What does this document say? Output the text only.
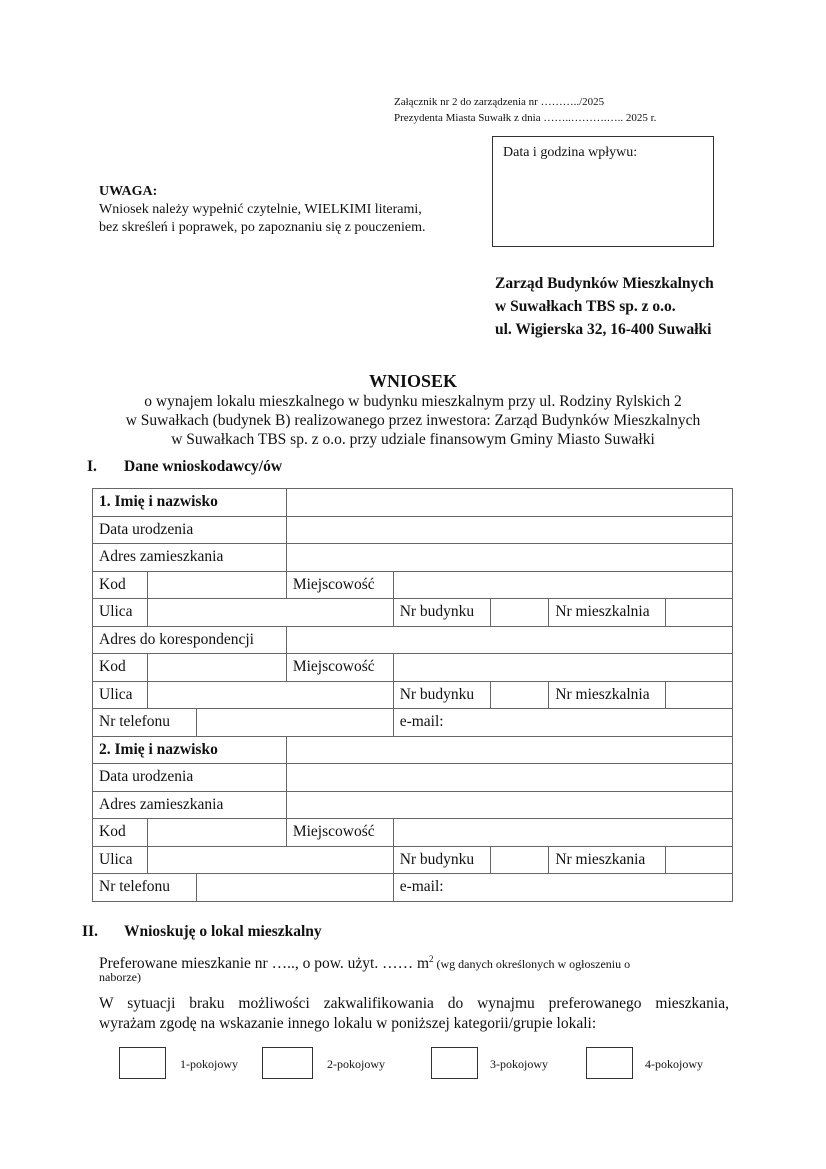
Załącznik nr 2 do zarządzenia nr ………../2025
Prezydenta Miasta Suwałk z dnia ……..……….….. 2025 r.
Data i godzina wpływu:
UWAGA:
Wniosek należy wypełnić czytelnie, WIELKIMI literami,
bez skreśleń i poprawek, po zapoznaniu się z pouczeniem.
Zarząd Budynków Mieszkalnych
w Suwałkach TBS sp. z o.o.
ul. Wigierska 32, 16-400 Suwałki
WNIOSEK
o wynajem lokalu mieszkalnego w budynku mieszkalnym przy ul. Rodziny Rylskich 2
w Suwałkach (budynek B) realizowanego przez inwestora: Zarząd Budynków Mieszkalnych
w Suwałkach TBS sp. z o.o. przy udziale finansowym Gminy Miasto Suwałki
I. Dane wnioskodawcy/ów
1. Imię i nazwisko							
Data urodzenia							
Adres zamieszkania							
Kod			Miejscowość				
Ulica				Nr budynku		Nr mieszkalnia	
Adres do korespondencji							
Kod			Miejscowość				
Ulica				Nr budynku		Nr mieszkalnia	
Nr telefonu				e-mail:			
2. Imię i nazwisko							
Data urodzenia							
Adres zamieszkania							
Kod			Miejscowość				
Ulica				Nr budynku		Nr mieszkania	
Nr telefonu				e-mail:			
II. Wnioskuję o lokal mieszkalny
Preferowane mieszkanie nr ….., o pow. użyt. …… $m^2$ (wg danych określonych w ogłoszeniu o
naborze)
W sytuacji braku możliwości zakwalifikowania do wynajmu preferowanego mieszkania,
wyrażam zgodę na wskazanie innego lokalu w poniższej kategorii/grupie lokali:
1-pokojowy	2-pokojowy	3-pokojowy	4-pokojowy
